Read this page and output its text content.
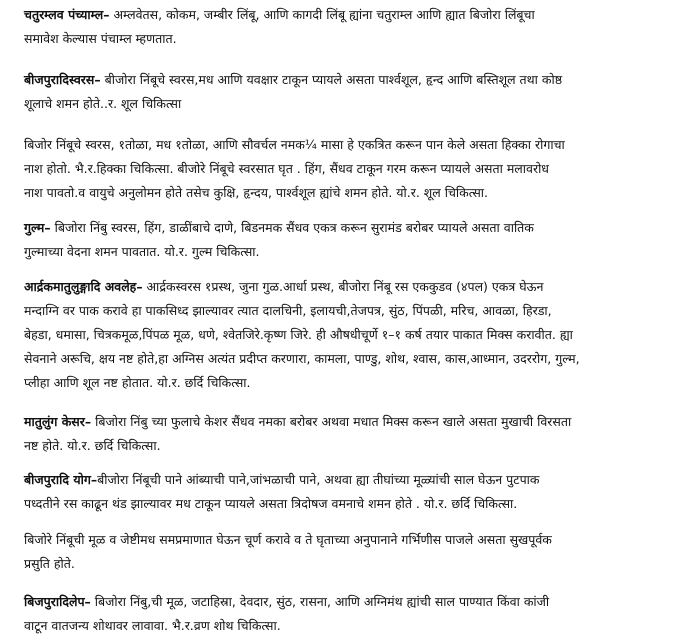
चतुरम्लव पंच्याम्ल– अम्लवेतस, कोकम, जम्बीर लिंबू, आणि कागदी लिंबू ह्यांना चतुराम्ल आणि ह्यात बिजोरा लिंबूचा
समावेश केल्यास पंचाम्ल म्हणतात.
बीजपुरादिस्वरस– बीजोरा निंबूचे स्वरस,मध आणि यवक्षार टाकून प्यायले असता पार्श्वशूल, हृन्द आणि बस्तिशूल तथा कोष्ठ
शूलाचे शमन होते..र. शूल चिकित्सा
बिजोर निंबूचे स्वरस, १तोळा, मध १तोळा, आणि सौवर्चल नमक¼ मासा हे एकत्रित करून पान केले असता हिक्का रोगाचा
नाश होतो. भै.र.हिक्का चिकित्सा. बीजोरे निंबूचे स्वरसात घृत . हिंग, सैंधव टाकून गरम करून प्यायले असता मलावरोध
नाश पावतो.व वायुचे अनुलोमन होते तसेच कुक्षि, हृन्दय, पार्श्वशूल ह्यांचे शमन होते. यो.र. शूल चिकित्सा.
गुल्म– बिजोरा निंबु स्वरस, हिंग, डाळींबाचे दाणे, बिडनमक सैंधव एकत्र करून सुरामंड बरोबर प्यायले असता वातिक
गुल्माच्या वेदना शमन पावतात. यो.र. गुल्म चिकित्सा.
आर्द्रकमातुलुङ्गादि अवलेह– आर्द्रकस्वरस १प्रस्थ, जुना गुळ.आर्धा प्रस्थ, बीजोरा निंबू रस एककुडव (४पल) एकत्र घेऊन
मन्दाग्नि वर पाक करावे हा पाकसिध्द झाल्यावर त्यात दालचिनी, इलायची,तेजपत्र, सुंठ, पिंपळी, मरिच, आवळा, हिरडा,
बेहडा, धमासा, चित्रकमूळ,पिंपळ मूळ, धणे, श्वेतजिरे.कृष्ण जिरे. ही औषधीचूर्णे १–१ कर्ष तयार पाकात मिक्स करावीत. ह्या
सेवनाने अरूचि, क्षय नष्ट होते,हा अग्निस अत्यंत प्रदीप्त करणारा, कामला, पाण्डु, शोथ, श्वास, कास,आध्मान, उदररोग, गुल्म,
प्लीहा आणि शूल नष्ट होतात. यो.र. छर्दि चिकित्सा.
मातुलुंग केसर– बिजोरा निंबु च्या फुलाचे केशर सैंधव नमका बरोबर अथवा मधात मिक्स करून खाले असता मुखाची विरसता
नष्ट होते. यो.र. छर्दि चिकित्सा.
बीजपुरादि योग–बीजोरा निंबूची पाने आंब्याची पाने,जांभळाची पाने, अथवा ह्या तीघांच्या मूळ्यांची साल घेऊन पुटपाक
पध्दतीने रस काढून थंड झाल्यावर मध टाकून प्यायले असता त्रिदोषज वमनाचे शमन होते . यो.र. छर्दि चिकित्सा.
बिजोरे निंबूची मूळ व जेष्टीमध समप्रमाणात घेऊन चूर्ण करावे व ते घृताच्या अनुपानाने गर्भिणीस पाजले असता सुखपूर्वक
प्रसुति होते.
बिजपुरादिलेप– बिजोरा निंबु,ची मूळ, जटाहिस्रा, देवदार, सुंठ, रासना, आणि अग्निमंथ ह्यांची साल पाण्यात किंवा कांजी
वाटून वातजन्य शोथावर लावावा. भै.र.व्रण शोथ चिकित्सा.
